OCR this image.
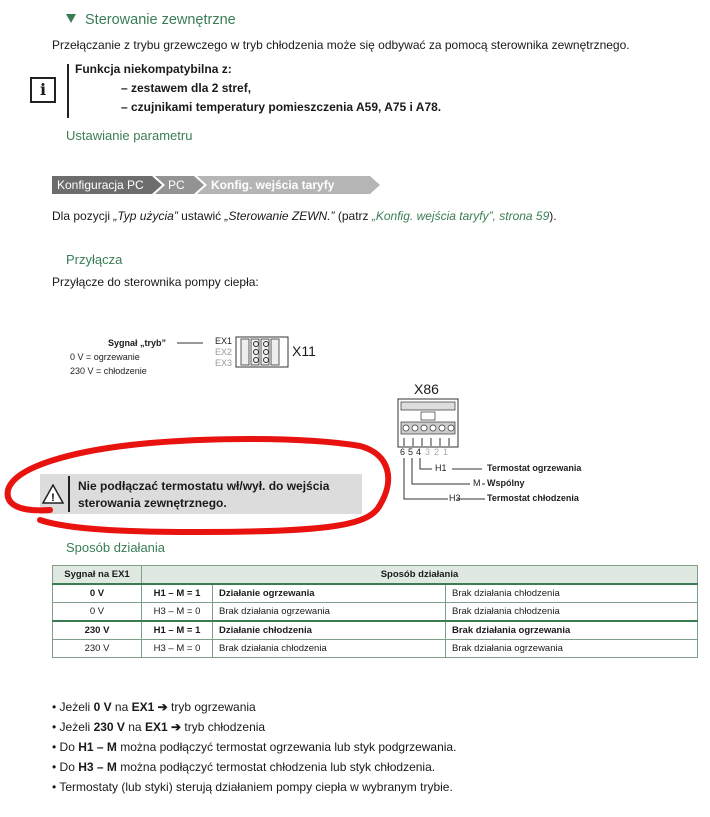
Sterowanie zewnętrzne
Przełączanie z trybu grzewczego w tryb chłodzenia może się odbywać za pomocą sterownika zewnętrznego.
i
Funkcja niekompatybilna z:
– zestawem dla 2 stref,
– czujnikami temperatury pomieszczenia A59, A75 i A78.
Ustawianie parametru
Konfiguracja PC PC Konfig. wejścia taryfy
Dla pozycji „Typ użycia” ustawić „Sterowanie ZEWN.” (patrz „Konfig. wejścia taryfy”, strona 59).
Przyłącza
Przyłącze do sterownika pompy ciepła:
Sygnał „tryb”	EX1
EX2
EX3
X11
0 V = ogrzewanie
230 V = chłodzenie
X86
6 5 4 3 2 1
H1	Termostat ogrzewania
M Wspólny
H3	Termostat chłodzenia
!
Nie podłączać termostatu wł/wył. do wejścia
sterowania zewnętrznego.
Sposób działania
Sygnał na EX1	Sposób działania		
0 V	H1 – M = 1	Działanie ogrzewania	Brak działania chłodzenia
0 V	H3 – M = 0	Brak działania ogrzewania	Brak działania chłodzenia
230 V	H1 – M = 1	Działanie chłodzenia	Brak działania ogrzewania
230 V	H3 – M = 0	Brak działania chłodzenia	Brak działania ogrzewania
• Jeżeli 0 V na EX1 ➔ tryb ogrzewania
• Jeżeli 230 V na EX1 ➔ tryb chłodzenia
• Do H1 – M można podłączyć termostat ogrzewania lub styk podgrzewania.
• Do H3 – M można podłączyć termostat chłodzenia lub styk chłodzenia.
• Termostaty (lub styki) sterują działaniem pompy ciepła w wybranym trybie.
